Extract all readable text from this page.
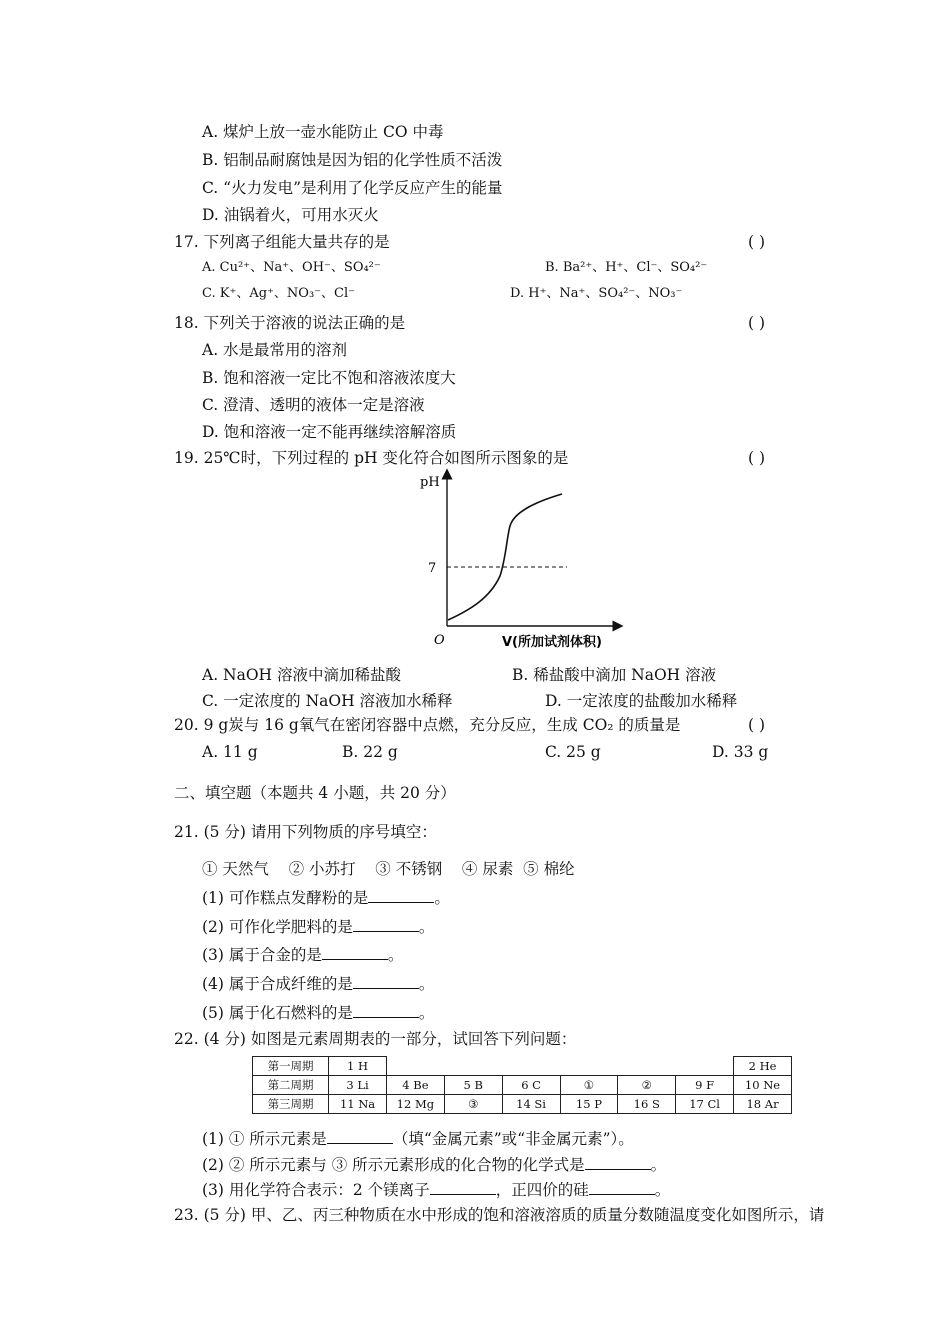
A. 煤炉上放一壶水能防止 CO 中毒
B. 铝制品耐腐蚀是因为铝的化学性质不活泼
C. “火力发电”是利用了化学反应产生的能量
D. 油锅着火，可用水灭火
17. 下列离子组能大量共存的是	( )
A. Cu²⁺、Na⁺、OH⁻、SO₄²⁻	B. Ba²⁺、H⁺、Cl⁻、SO₄²⁻
C. K⁺、Ag⁺、NO₃⁻、Cl⁻	D. H⁺、Na⁺、SO₄²⁻、NO₃⁻
18. 下列关于溶液的说法正确的是	( )
A. 水是最常用的溶剂
B. 饱和溶液一定比不饱和溶液浓度大
C. 澄清、透明的液体一定是溶液
D. 饱和溶液一定不能再继续溶解溶质
19. 25℃时，下列过程的 pH 变化符合如图所示图象的是	( )
pH
7
O	V(所加试剂体积)
A. NaOH 溶液中滴加稀盐酸	B. 稀盐酸中滴加 NaOH 溶液
C. 一定浓度的 NaOH 溶液加水稀释	D. 一定浓度的盐酸加水稀释
20. 9 g炭与 16 g氧气在密闭容器中点燃，充分反应，生成 CO₂ 的质量是	( )
A. 11 g	B. 22 g	C. 25 g	D. 33 g
二、填空题（本题共 4 小题，共 20 分）
21. (5 分) 请用下列物质的序号填空：
① 天然气    ② 小苏打    ③ 不锈钢    ④ 尿素  ⑤ 棉纶
(1) 可作糕点发酵粉的是	。
(2) 可作化学肥料的是	。
(3) 属于合金的是	。
(4) 属于合成纤维的是	。
(5) 属于化石燃料的是	。
22. (4 分) 如图是元素周期表的一部分，试回答下列问题：
第一周期	1 H							2 He
第二周期	3 Li	4 Be	5 B	6 C	①	②	9 F	10 Ne
第三周期	11 Na	12 Mg	③	14 Si	15 P	16 S	17 Cl	18 Ar
(1) ① 所示元素是	（填“金属元素”或“非金属元素”）。
(2) ② 所示元素与 ③ 所示元素形成的化合物的化学式是	。
(3) 用化学符合表示：2 个镁离子	，正四价的硅	。
23. (5 分) 甲、乙、丙三种物质在水中形成的饱和溶液溶质的质量分数随温度变化如图所示，请
